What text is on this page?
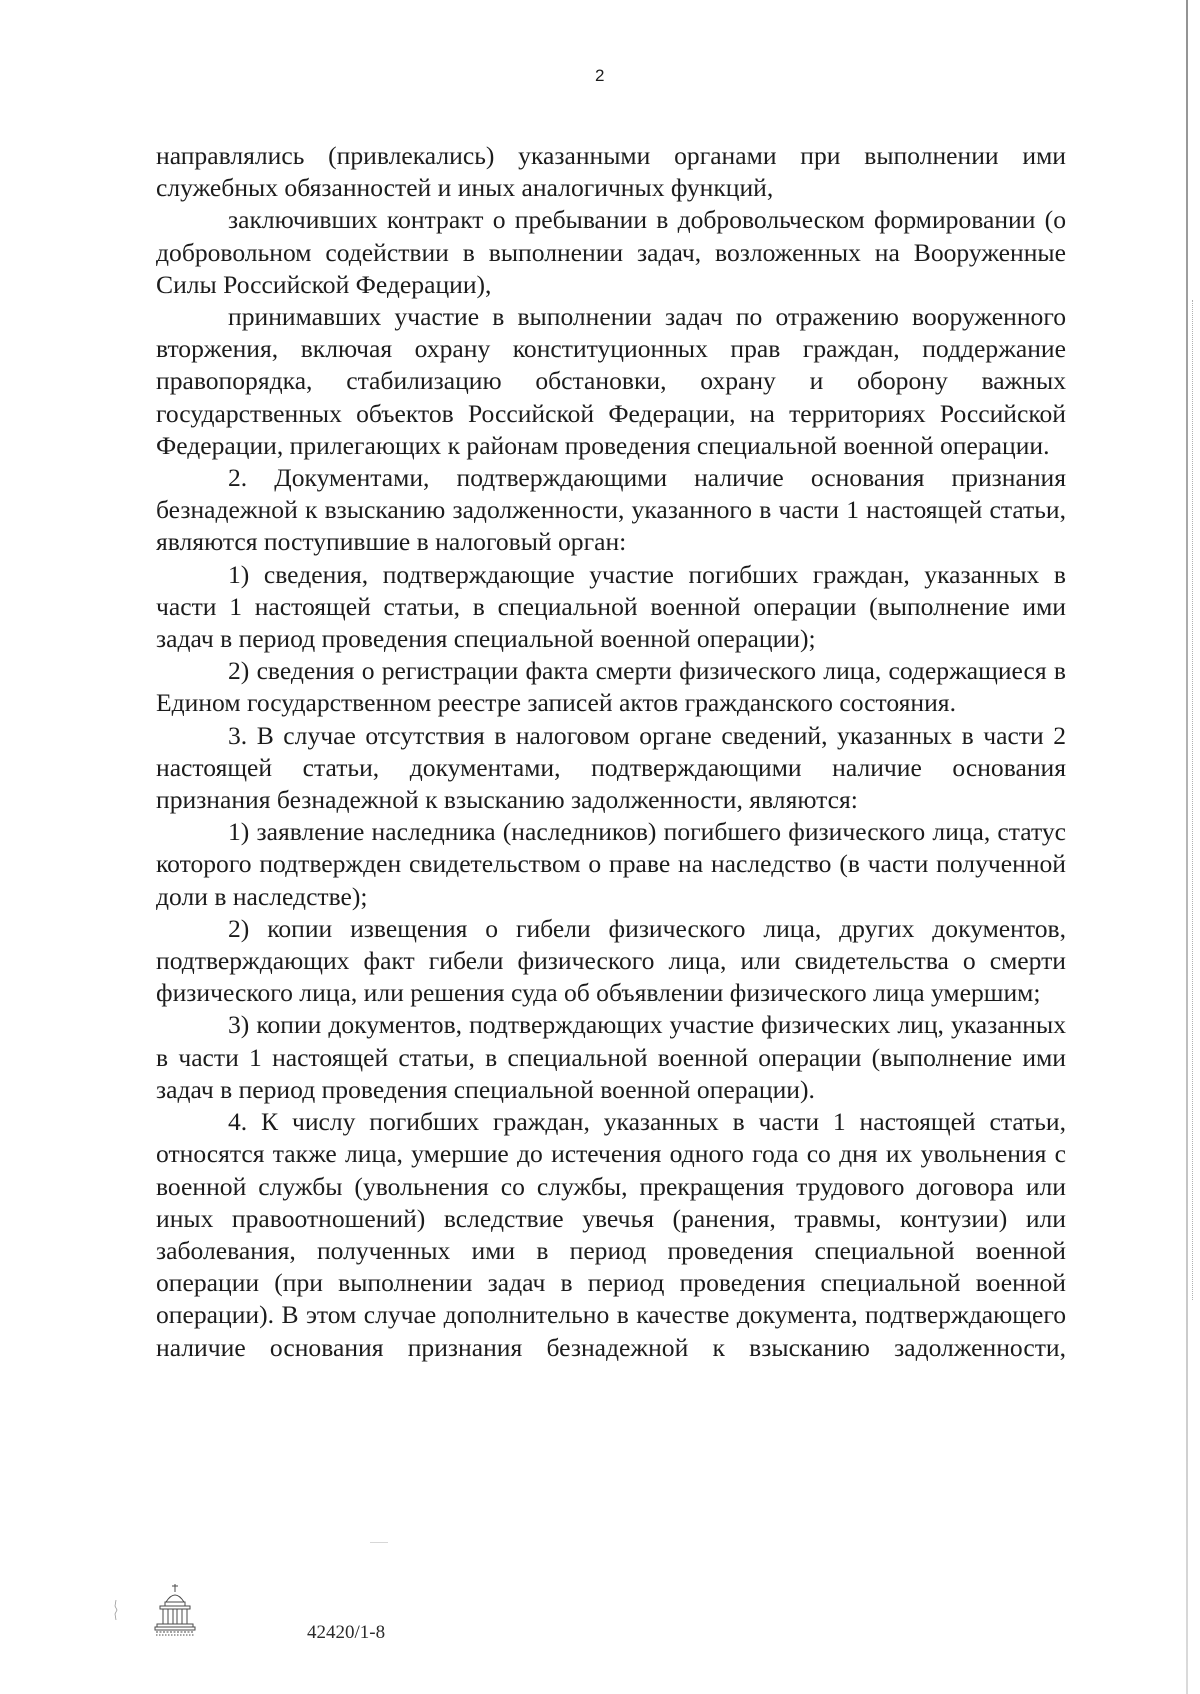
2

направлялись (привлекались) указанными органами при выполнении ими служебных обязанностей и иных аналогичных функций,

заключивших контракт о пребывании в добровольческом формировании (о добровольном содействии в выполнении задач, возложенных на Вооруженные Силы Российской Федерации),

принимавших участие в выполнении задач по отражению вооруженного вторжения, включая охрану конституционных прав граждан, поддержание правопорядка, стабилизацию обстановки, охрану и оборону важных государственных объектов Российской Федерации, на территориях Российской Федерации, прилегающих к районам проведения специальной военной операции.

2. Документами, подтверждающими наличие основания признания безнадежной к взысканию задолженности, указанного в части 1 настоящей статьи, являются поступившие в налоговый орган:

1) сведения, подтверждающие участие погибших граждан, указанных в части 1 настоящей статьи, в специальной военной операции (выполнение ими задач в период проведения специальной военной операции);

2) сведения о регистрации факта смерти физического лица, содержащиеся в Едином государственном реестре записей актов гражданского состояния.

3. В случае отсутствия в налоговом органе сведений, указанных в части 2 настоящей статьи, документами, подтверждающими наличие основания признания безнадежной к взысканию задолженности, являются:

1) заявление наследника (наследников) погибшего физического лица, статус которого подтвержден свидетельством о праве на наследство (в части полученной доли в наследстве);

2) копии извещения о гибели физического лица, других документов, подтверждающих факт гибели физического лица, или свидетельства о смерти физического лица, или решения суда об объявлении физического лица умершим;

3) копии документов, подтверждающих участие физических лиц, указанных в части 1 настоящей статьи, в специальной военной операции (выполнение ими задач в период проведения специальной военной операции).

4. К числу погибших граждан, указанных в части 1 настоящей статьи, относятся также лица, умершие до истечения одного года со дня их увольнения с военной службы (увольнения со службы, прекращения трудового договора или иных правоотношений) вследствие увечья (ранения, травмы, контузии) или заболевания, полученных ими в период проведения специальной военной операции (при выполнении задач в период проведения специальной военной операции). В этом случае дополнительно в качестве документа, подтверждающего наличие основания признания безнадежной к взысканию задолженности,

42420/1-8
